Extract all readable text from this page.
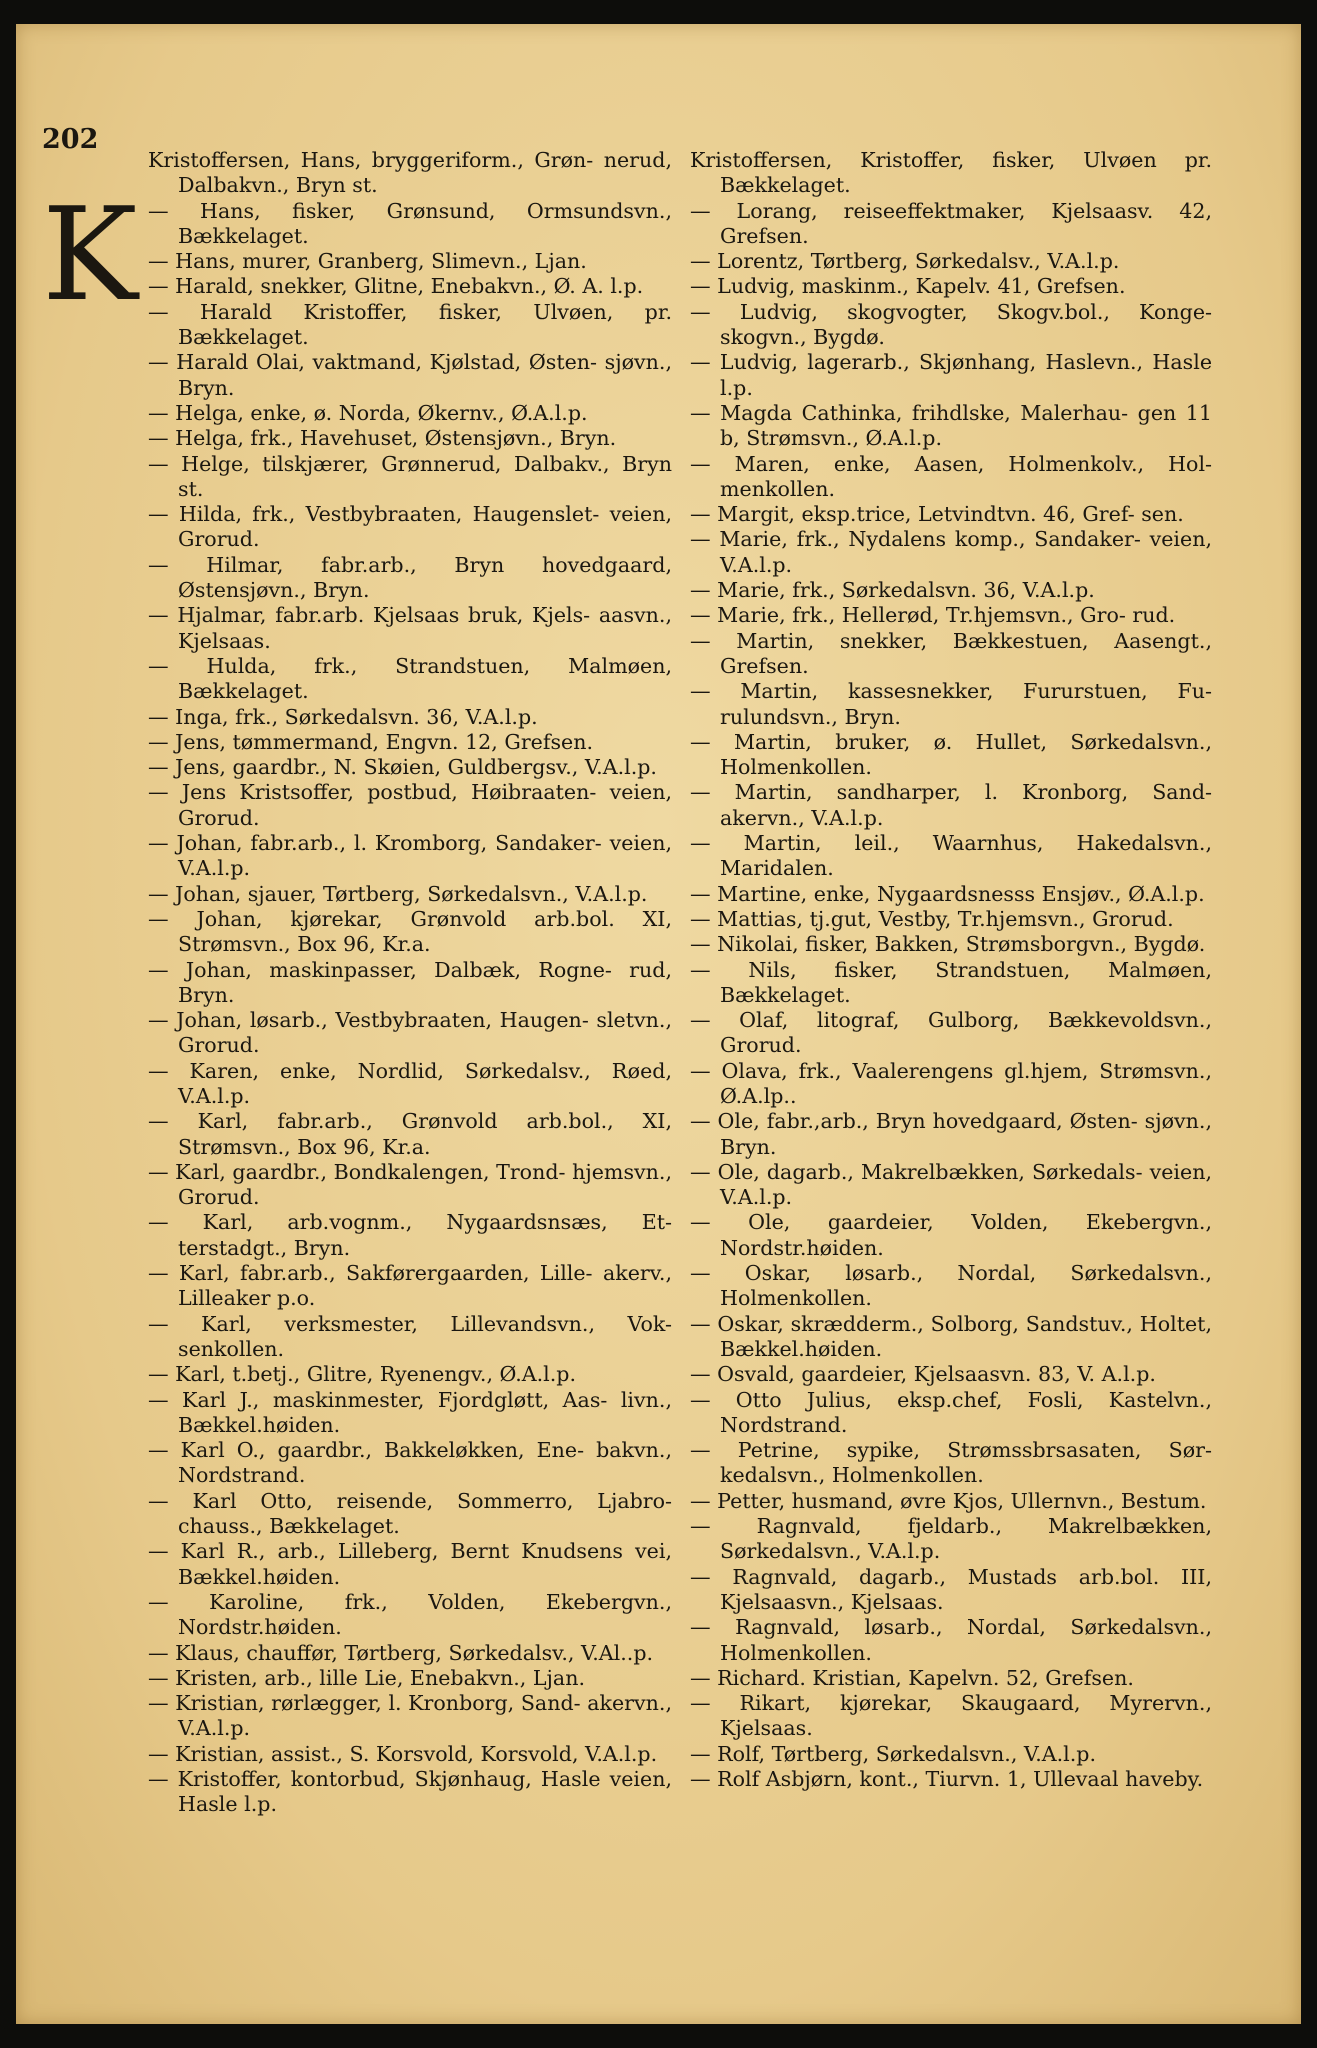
202
K
Kristoffersen, Hans, bryggeriform., Grøn- nerud, Dalbakvn., Bryn st.
— Hans, fisker, Grønsund, Ormsundsvn., Bækkelaget.
— Hans, murer, Granberg, Slimevn., Ljan.
— Harald, snekker, Glitne, Enebakvn., Ø. A. l.p.
— Harald Kristoffer, fisker, Ulvøen, pr. Bækkelaget.
— Harald Olai, vaktmand, Kjølstad, Østen- sjøvn., Bryn.
— Helga, enke, ø. Norda, Økernv., Ø.A.l.p.
— Helga, frk., Havehuset, Østensjøvn., Bryn.
— Helge, tilskjærer, Grønnerud, Dalbakv., Bryn st.
— Hilda, frk., Vestbybraaten, Haugenslet- veien, Grorud.
— Hilmar, fabr.arb., Bryn hovedgaard, Østensjøvn., Bryn.
— Hjalmar, fabr.arb. Kjelsaas bruk, Kjels- aasvn., Kjelsaas.
— Hulda, frk., Strandstuen, Malmøen, Bækkelaget.
— Inga, frk., Sørkedalsvn. 36, V.A.l.p.
— Jens, tømmermand, Engvn. 12, Grefsen.
— Jens, gaardbr., N. Skøien, Guldbergsv., V.A.l.p.
— Jens Kristsoffer, postbud, Høibraaten- veien, Grorud.
— Johan, fabr.arb., l. Kromborg, Sandaker- veien, V.A.l.p.
— Johan, sjauer, Tørtberg, Sørkedalsvn., V.A.l.p.
— Johan, kjørekar, Grønvold arb.bol. XI, Strømsvn., Box 96, Kr.a.
— Johan, maskinpasser, Dalbæk, Rogne- rud, Bryn.
— Johan, løsarb., Vestbybraaten, Haugen- sletvn., Grorud.
— Karen, enke, Nordlid, Sørkedalsv., Røed, V.A.l.p.
— Karl, fabr.arb., Grønvold arb.bol., XI, Strømsvn., Box 96, Kr.a.
— Karl, gaardbr., Bondkalengen, Trond- hjemsvn., Grorud.
— Karl, arb.vognm., Nygaardsnsæs, Et- terstadgt., Bryn.
— Karl, fabr.arb., Sakførergaarden, Lille- akerv., Lilleaker p.o.
— Karl, verksmester, Lillevandsvn., Vok- senkollen.
— Karl, t.betj., Glitre, Ryenengv., Ø.A.l.p.
— Karl J., maskinmester, Fjordgløtt, Aas- livn., Bækkel.høiden.
— Karl O., gaardbr., Bakkeløkken, Ene- bakvn., Nordstrand.
— Karl Otto, reisende, Sommerro, Ljabro- chauss., Bækkelaget.
— Karl R., arb., Lilleberg, Bernt Knudsens vei, Bækkel.høiden.
— Karoline, frk., Volden, Ekebergvn., Nordstr.høiden.
— Klaus, chauffør, Tørtberg, Sørkedalsv., V.Al..p.
— Kristen, arb., lille Lie, Enebakvn., Ljan.
— Kristian, rørlægger, l. Kronborg, Sand- akervn., V.A.l.p.
— Kristian, assist., S. Korsvold, Korsvold, V.A.l.p.
— Kristoffer, kontorbud, Skjønhaug, Hasle veien, Hasle l.p.
Kristoffersen, Kristoffer, fisker, Ulvøen pr. Bækkelaget.
— Lorang, reiseeffektmaker, Kjelsaasv. 42, Grefsen.
— Lorentz, Tørtberg, Sørkedalsv., V.A.l.p.
— Ludvig, maskinm., Kapelv. 41, Grefsen.
— Ludvig, skogvogter, Skogv.bol., Konge- skogvn., Bygdø.
— Ludvig, lagerarb., Skjønhang, Haslevn., Hasle l.p.
— Magda Cathinka, frihdlske, Malerhau- gen 11 b, Strømsvn., Ø.A.l.p.
— Maren, enke, Aasen, Holmenkolv., Hol- menkollen.
— Margit, eksp.trice, Letvindtvn. 46, Gref- sen.
— Marie, frk., Nydalens komp., Sandaker- veien, V.A.l.p.
— Marie, frk., Sørkedalsvn. 36, V.A.l.p.
— Marie, frk., Hellerød, Tr.hjemsvn., Gro- rud.
— Martin, snekker, Bækkestuen, Aasengt., Grefsen.
— Martin, kassesnekker, Fururstuen, Fu- rulundsvn., Bryn.
— Martin, bruker, ø. Hullet, Sørkedalsvn., Holmenkollen.
— Martin, sandharper, l. Kronborg, Sand- akervn., V.A.l.p.
— Martin, leil., Waarnhus, Hakedalsvn., Maridalen.
— Martine, enke, Nygaardsnesss Ensjøv., Ø.A.l.p.
— Mattias, tj.gut, Vestby, Tr.hjemsvn., Grorud.
— Nikolai, fisker, Bakken, Strømsborgvn., Bygdø.
— Nils, fisker, Strandstuen, Malmøen, Bækkelaget.
— Olaf, litograf, Gulborg, Bækkevoldsvn., Grorud.
— Olava, frk., Vaalerengens gl.hjem, Strømsvn., Ø.A.lp..
— Ole, fabr.,arb., Bryn hovedgaard, Østen- sjøvn., Bryn.
— Ole, dagarb., Makrelbækken, Sørkedals- veien, V.A.l.p.
— Ole, gaardeier, Volden, Ekebergvn., Nordstr.høiden.
— Oskar, løsarb., Nordal, Sørkedalsvn., Holmenkollen.
— Oskar, skrædderm., Solborg, Sandstuv., Holtet, Bækkel.høiden.
— Osvald, gaardeier, Kjelsaasvn. 83, V. A.l.p.
— Otto Julius, eksp.chef, Fosli, Kastelvn., Nordstrand.
— Petrine, sypike, Strømssbrsasaten, Sør- kedalsvn., Holmenkollen.
— Petter, husmand, øvre Kjos, Ullernvn., Bestum.
— Ragnvald, fjeldarb., Makrelbækken, Sørkedalsvn., V.A.l.p.
— Ragnvald, dagarb., Mustads arb.bol. III, Kjelsaasvn., Kjelsaas.
— Ragnvald, løsarb., Nordal, Sørkedalsvn., Holmenkollen.
— Richard. Kristian, Kapelvn. 52, Grefsen.
— Rikart, kjørekar, Skaugaard, Myrervn., Kjelsaas.
— Rolf, Tørtberg, Sørkedalsvn., V.A.l.p.
— Rolf Asbjørn, kont., Tiurvn. 1, Ullevaal haveby.
